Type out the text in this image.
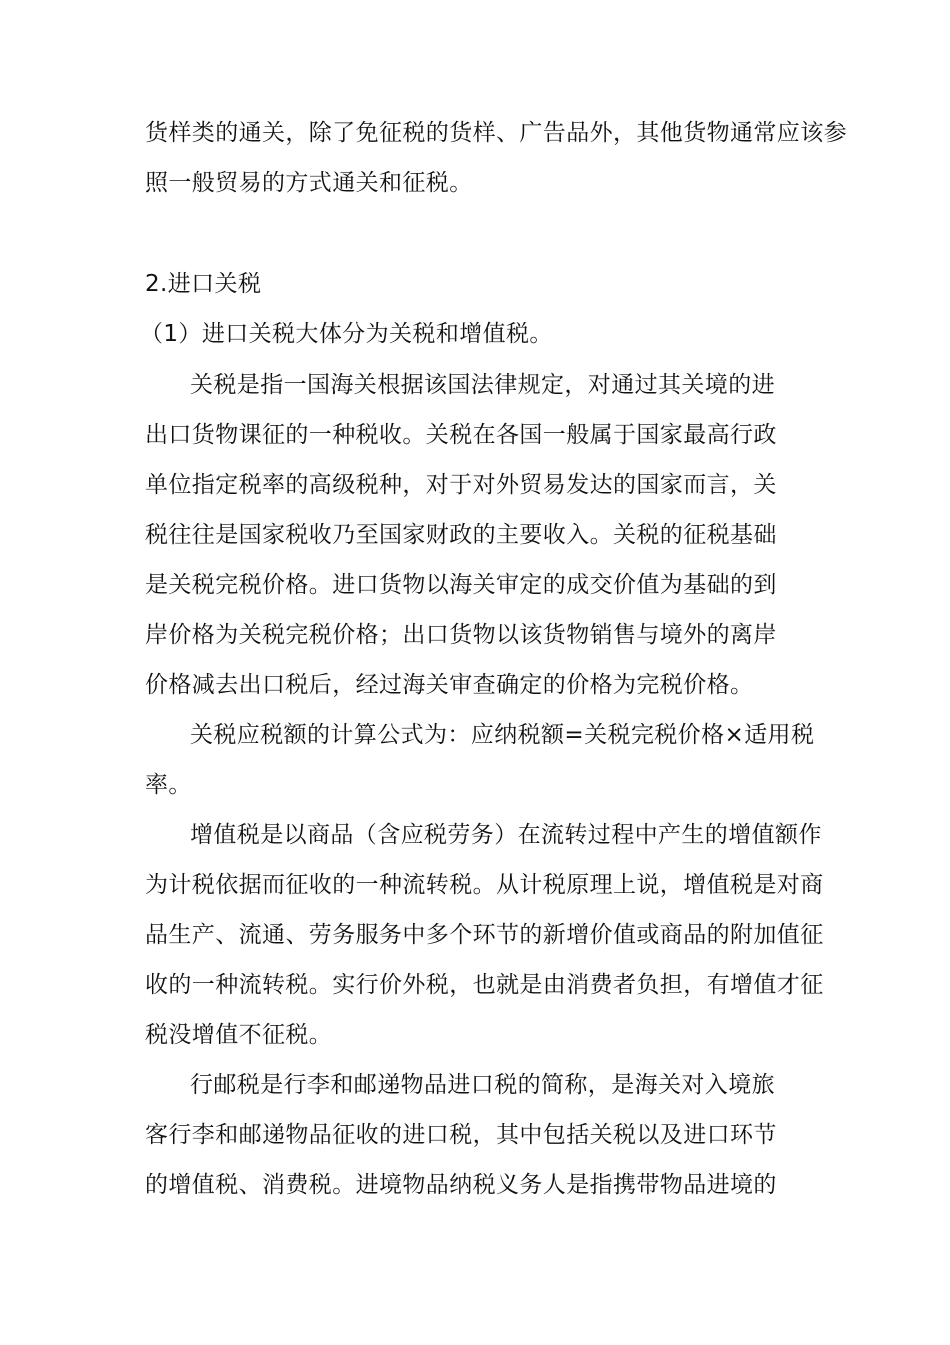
货样类的通关，除了免征税的货样、广告品外，其他货物通常应该参
照一般贸易的方式通关和征税。
2.进口关税
（1）进口关税大体分为关税和增值税。
关税是指一国海关根据该国法律规定，对通过其关境的进
出口货物课征的一种税收。关税在各国一般属于国家最高行政
单位指定税率的高级税种，对于对外贸易发达的国家而言，关
税往往是国家税收乃至国家财政的主要收入。关税的征税基础
是关税完税价格。进口货物以海关审定的成交价值为基础的到
岸价格为关税完税价格；出口货物以该货物销售与境外的离岸
价格减去出口税后，经过海关审查确定的价格为完税价格。
关税应税额的计算公式为：应纳税额=关税完税价格×适用税
率。
增值税是以商品（含应税劳务）在流转过程中产生的增值额作
为计税依据而征收的一种流转税。从计税原理上说，增值税是对商
品生产、流通、劳务服务中多个环节的新增价值或商品的附加值征
收的一种流转税。实行价外税，也就是由消费者负担，有增值才征
税没增值不征税。
行邮税是行李和邮递物品进口税的简称，是海关对入境旅
客行李和邮递物品征收的进口税，其中包括关税以及进口环节
的增值税、消费税。进境物品纳税义务人是指携带物品进境的
